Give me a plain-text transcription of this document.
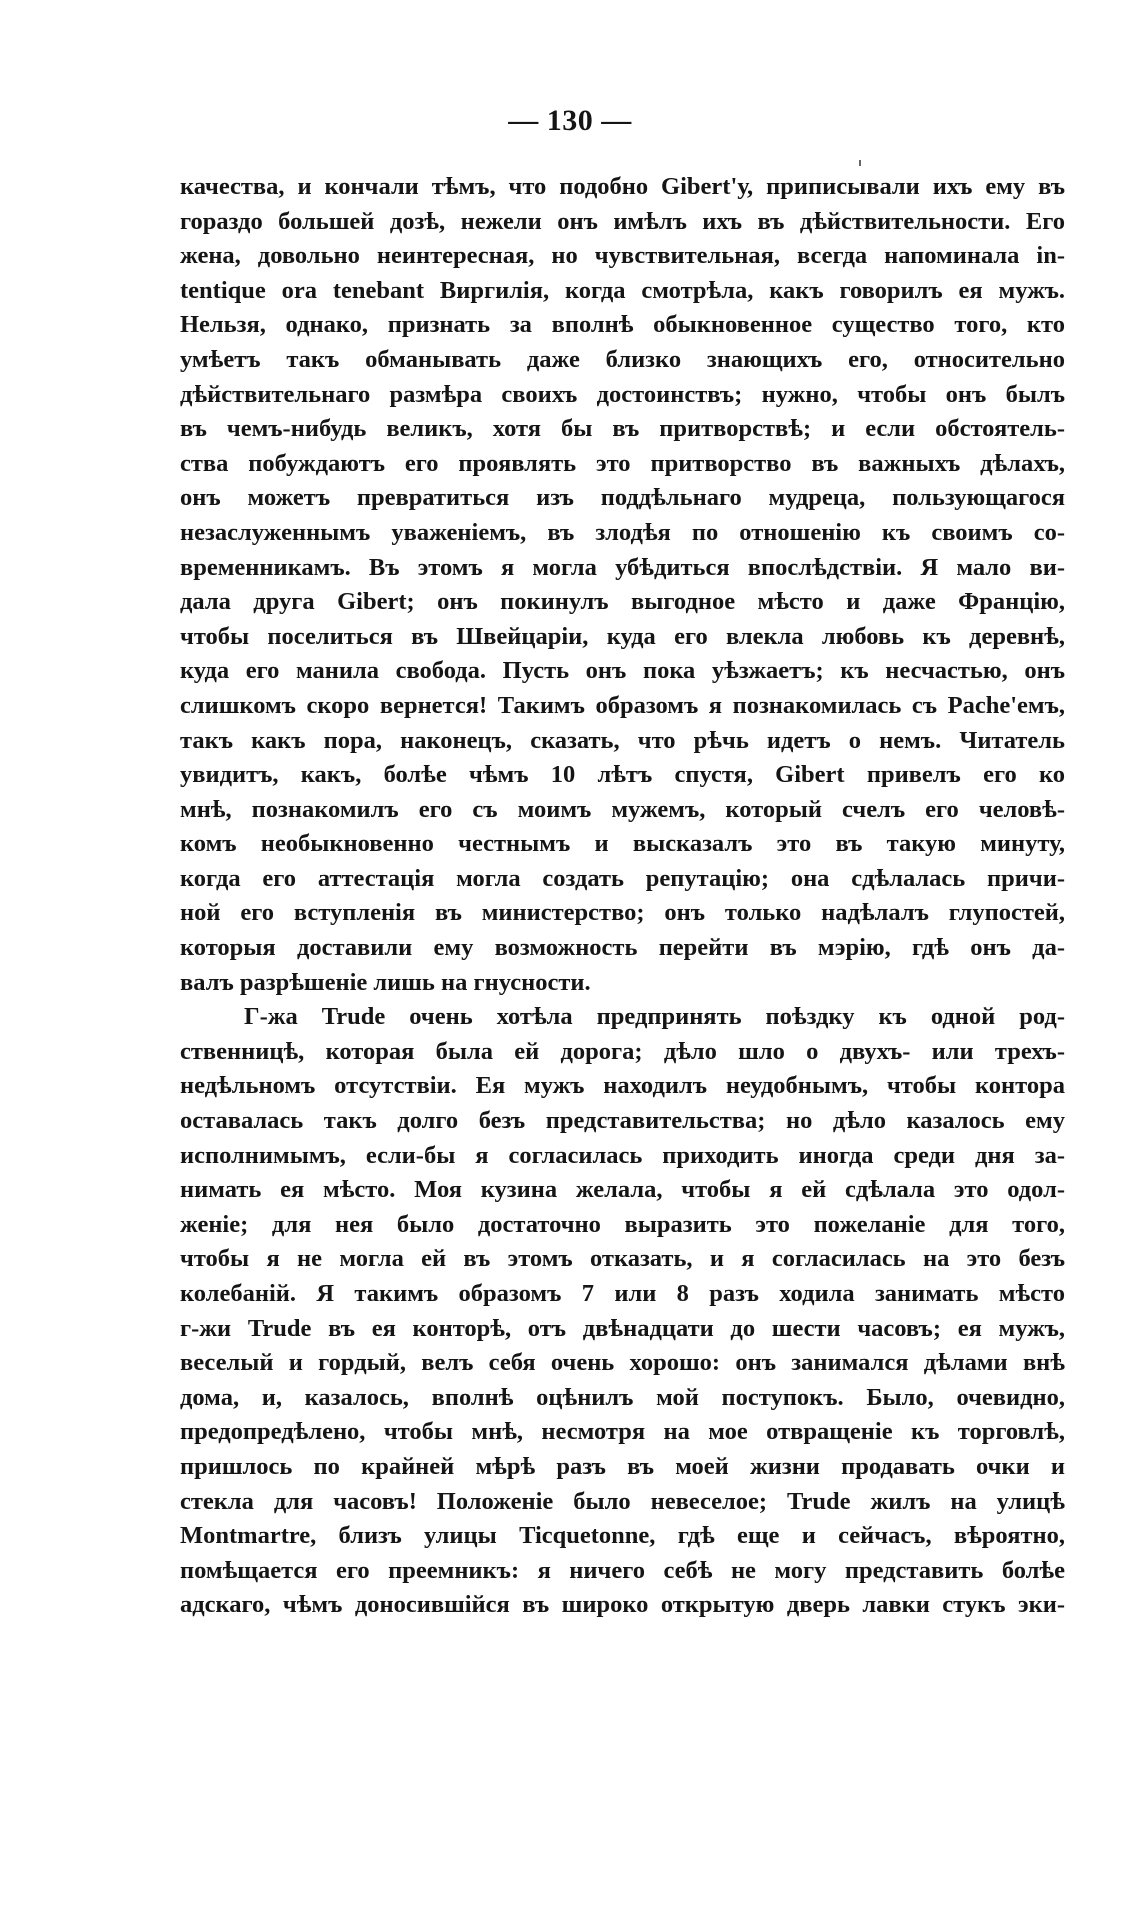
— 130 —
качества, и кончали тѣмъ, что подобно Gibert'у, приписывали ихъ ему въ
гораздо большей дозѣ, нежели онъ имѣлъ ихъ въ дѣйствительности. Его
жена, довольно неинтересная, но чувствительная, всегда напоминала in-
tentique ora tenebant Виргилія, когда смотрѣла, какъ говорилъ ея мужъ.
Нельзя, однако, признать за вполнѣ обыкновенное существо того, кто
умѣетъ такъ обманывать даже близко знающихъ его, относительно
дѣйствительнаго размѣра своихъ достоинствъ; нужно, чтобы онъ былъ
въ чемъ-нибудь великъ, хотя бы въ притворствѣ; и если обстоятель-
ства побуждаютъ его проявлять это притворство въ важныхъ дѣлахъ,
онъ можетъ превратиться изъ поддѣльнаго мудреца, пользующагося
незаслуженнымъ уваженіемъ, въ злодѣя по отношенію къ своимъ со-
временникамъ. Въ этомъ я могла убѣдиться впослѣдствіи. Я мало ви-
дала друга Gibert; онъ покинулъ выгодное мѣсто и даже Францію,
чтобы поселиться въ Швейцаріи, куда его влекла любовь къ деревнѣ,
куда его манила свобода. Пусть онъ пока уѣзжаетъ; къ несчастью, онъ
слишкомъ скоро вернется! Такимъ образомъ я познакомилась съ Pache'емъ,
такъ какъ пора, наконецъ, сказать, что рѣчь идетъ о немъ. Читатель
увидитъ, какъ, болѣе чѣмъ 10 лѣтъ спустя, Gibert привелъ его ко
мнѣ, познакомилъ его съ моимъ мужемъ, который счелъ его человѣ-
комъ необыкновенно честнымъ и высказалъ это въ такую минуту,
когда его аттестація могла создать репутацію; она сдѣлалась причи-
ной его вступленія въ министерство; онъ только надѣлалъ глупостей,
которыя доставили ему возможность перейти въ мэрію, гдѣ онъ да-
валъ разрѣшеніе лишь на гнусности.
Г-жа Trude очень хотѣла предпринять поѣздку къ одной род-
ственницѣ, которая была ей дорога; дѣло шло о двухъ- или трехъ-
недѣльномъ отсутствіи. Ея мужъ находилъ неудобнымъ, чтобы контора
оставалась такъ долго безъ представительства; но дѣло казалось ему
исполнимымъ, если-бы я согласилась приходить иногда среди дня за-
нимать ея мѣсто. Моя кузина желала, чтобы я ей сдѣлала это одол-
женіе; для нея было достаточно выразить это пожеланіе для того,
чтобы я не могла ей въ этомъ отказать, и я согласилась на это безъ
колебаній. Я такимъ образомъ 7 или 8 разъ ходила занимать мѣсто
г-жи Trude въ ея конторѣ, отъ двѣнадцати до шести часовъ; ея мужъ,
веселый и гордый, велъ себя очень хорошо: онъ занимался дѣлами внѣ
дома, и, казалось, вполнѣ оцѣнилъ мой поступокъ. Было, очевидно,
предопредѣлено, чтобы мнѣ, несмотря на мое отвращеніе къ торговлѣ,
пришлось по крайней мѣрѣ разъ въ моей жизни продавать очки и
стекла для часовъ! Положеніе было невеселое; Trude жилъ на улицѣ
Montmartre, близъ улицы Ticquetonne, гдѣ еще и сейчасъ, вѣроятно,
помѣщается его преемникъ: я ничего себѣ не могу представить болѣе
адскаго, чѣмъ доносившійся въ широко открытую дверь лавки стукъ эки-
